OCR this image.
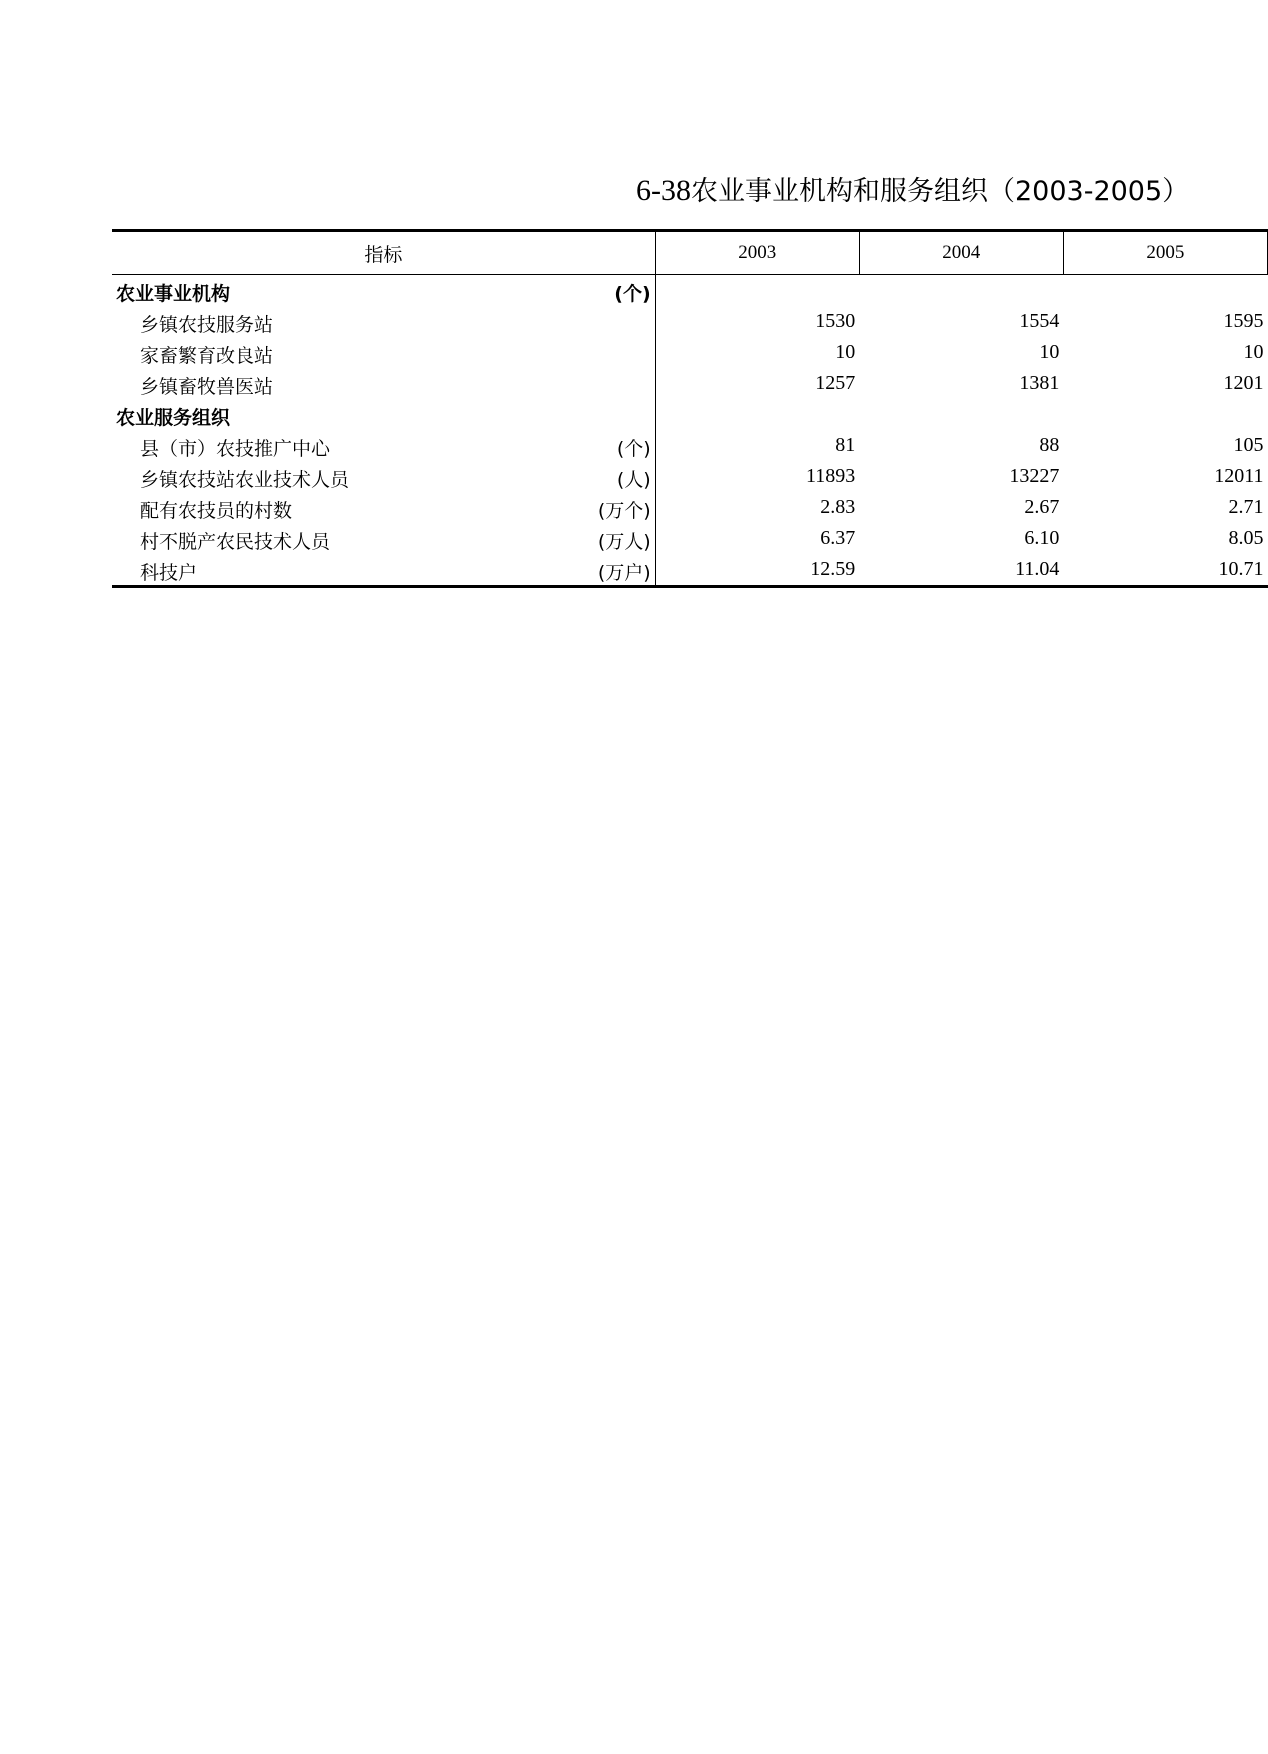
6-38农业事业机构和服务组织（2003-2005）
指标	2003	2004	2005

农业事业机构 (个)			

乡镇农技服务站	1530	1554	1595

家畜繁育改良站	10	10	10

乡镇畜牧兽医站	1257	1381	1201

农业服务组织			

县（市）农技推广中心 (个)	81	88	105

乡镇农技站农业技术人员 (人)	11893	13227	12011

配有农技员的村数 (万个)	2.83	2.67	2.71

村不脱产农民技术人员 (万人)	6.37	6.10	8.05

科技户 (万户)	12.59	11.04	10.71
